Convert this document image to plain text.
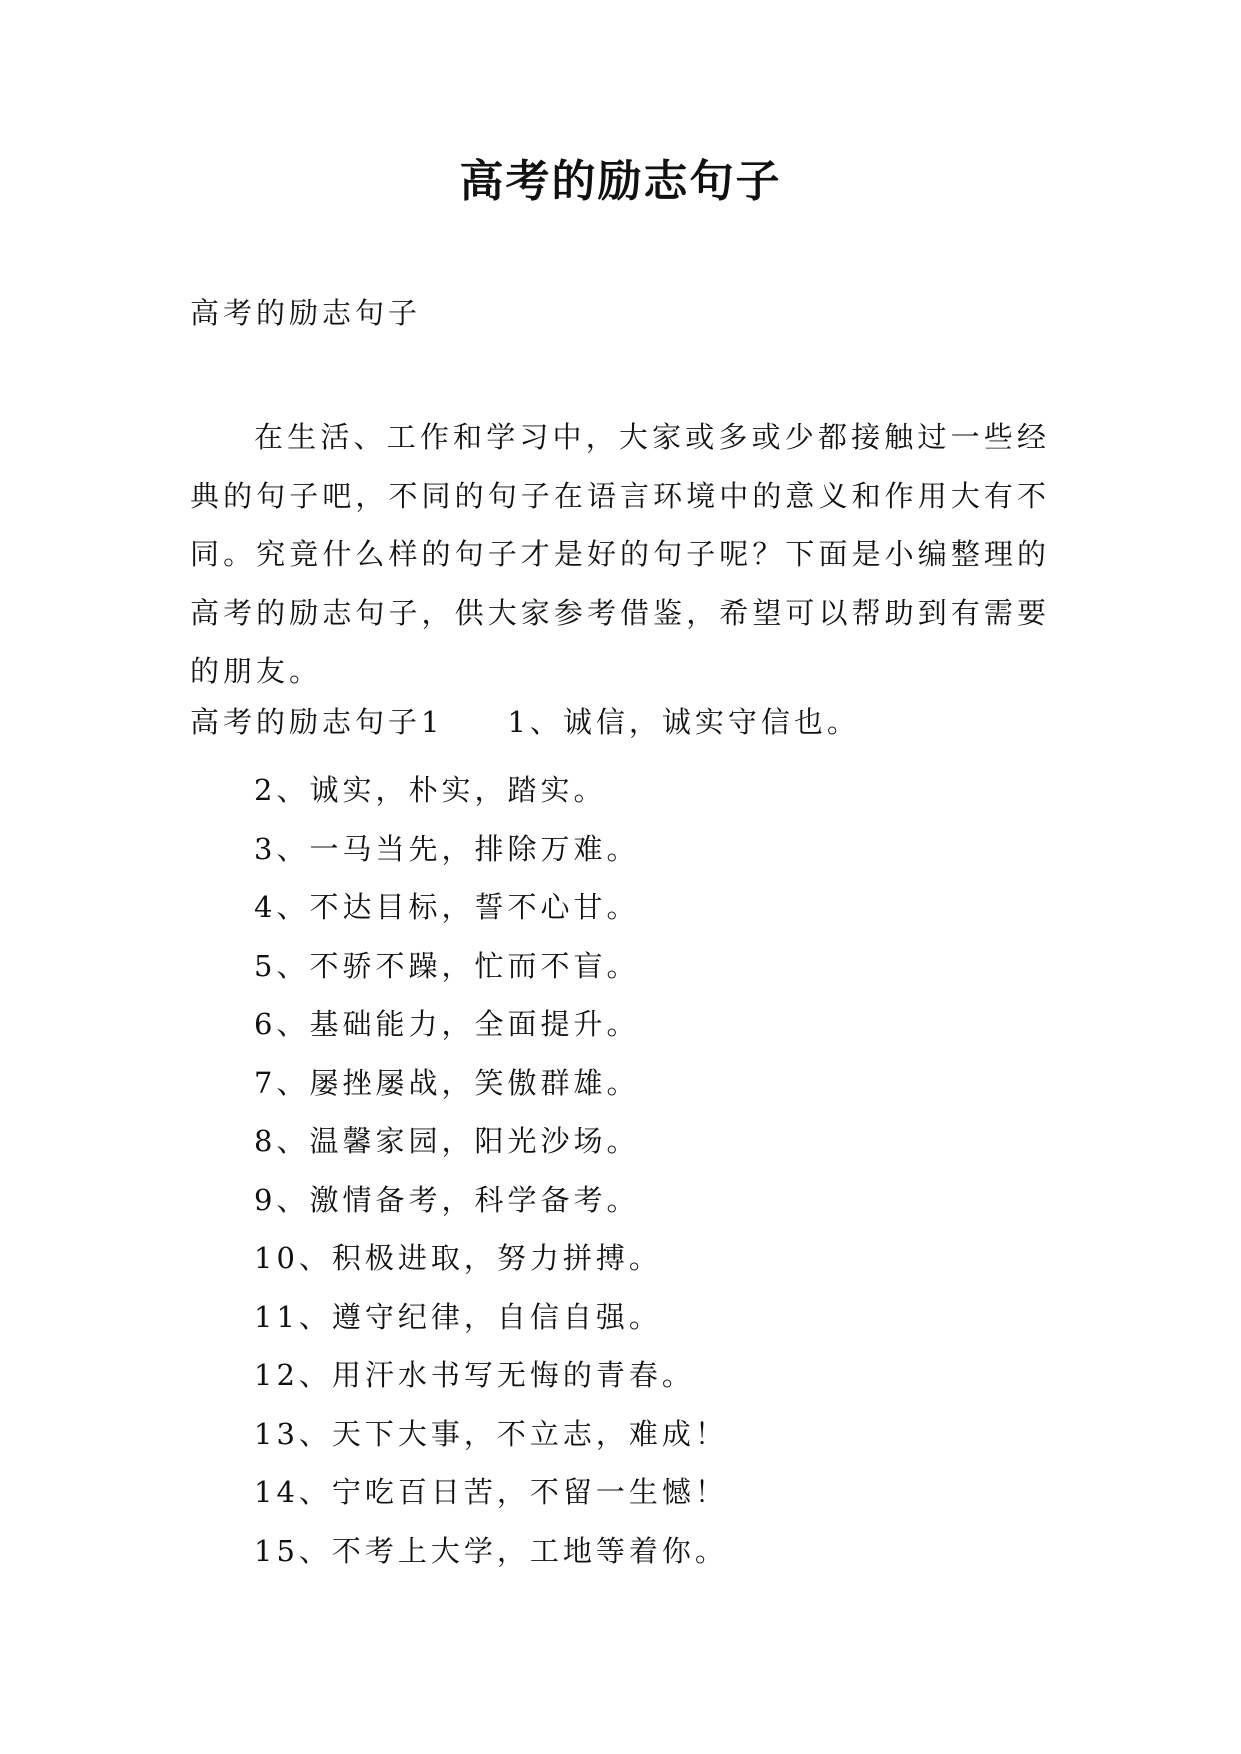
高考的励志句子

高考的励志句子

在生活、工作和学习中，大家或多或少都接触过一些经典的句子吧，不同的句子在语言环境中的意义和作用大有不同。究竟什么样的句子才是好的句子呢？下面是小编整理的高考的励志句子，供大家参考借鉴，希望可以帮助到有需要的朋友。

高考的励志句子1 1、诚信，诚实守信也。

2、诚实，朴实，踏实。
3、一马当先，排除万难。
4、不达目标，誓不心甘。
5、不骄不躁，忙而不盲。
6、基础能力，全面提升。
7、屡挫屡战，笑傲群雄。
8、温馨家园，阳光沙场。
9、激情备考，科学备考。
10、积极进取，努力拼搏。
11、遵守纪律，自信自强。
12、用汗水书写无悔的青春。
13、天下大事，不立志，难成！
14、宁吃百日苦，不留一生憾！
15、不考上大学，工地等着你。
